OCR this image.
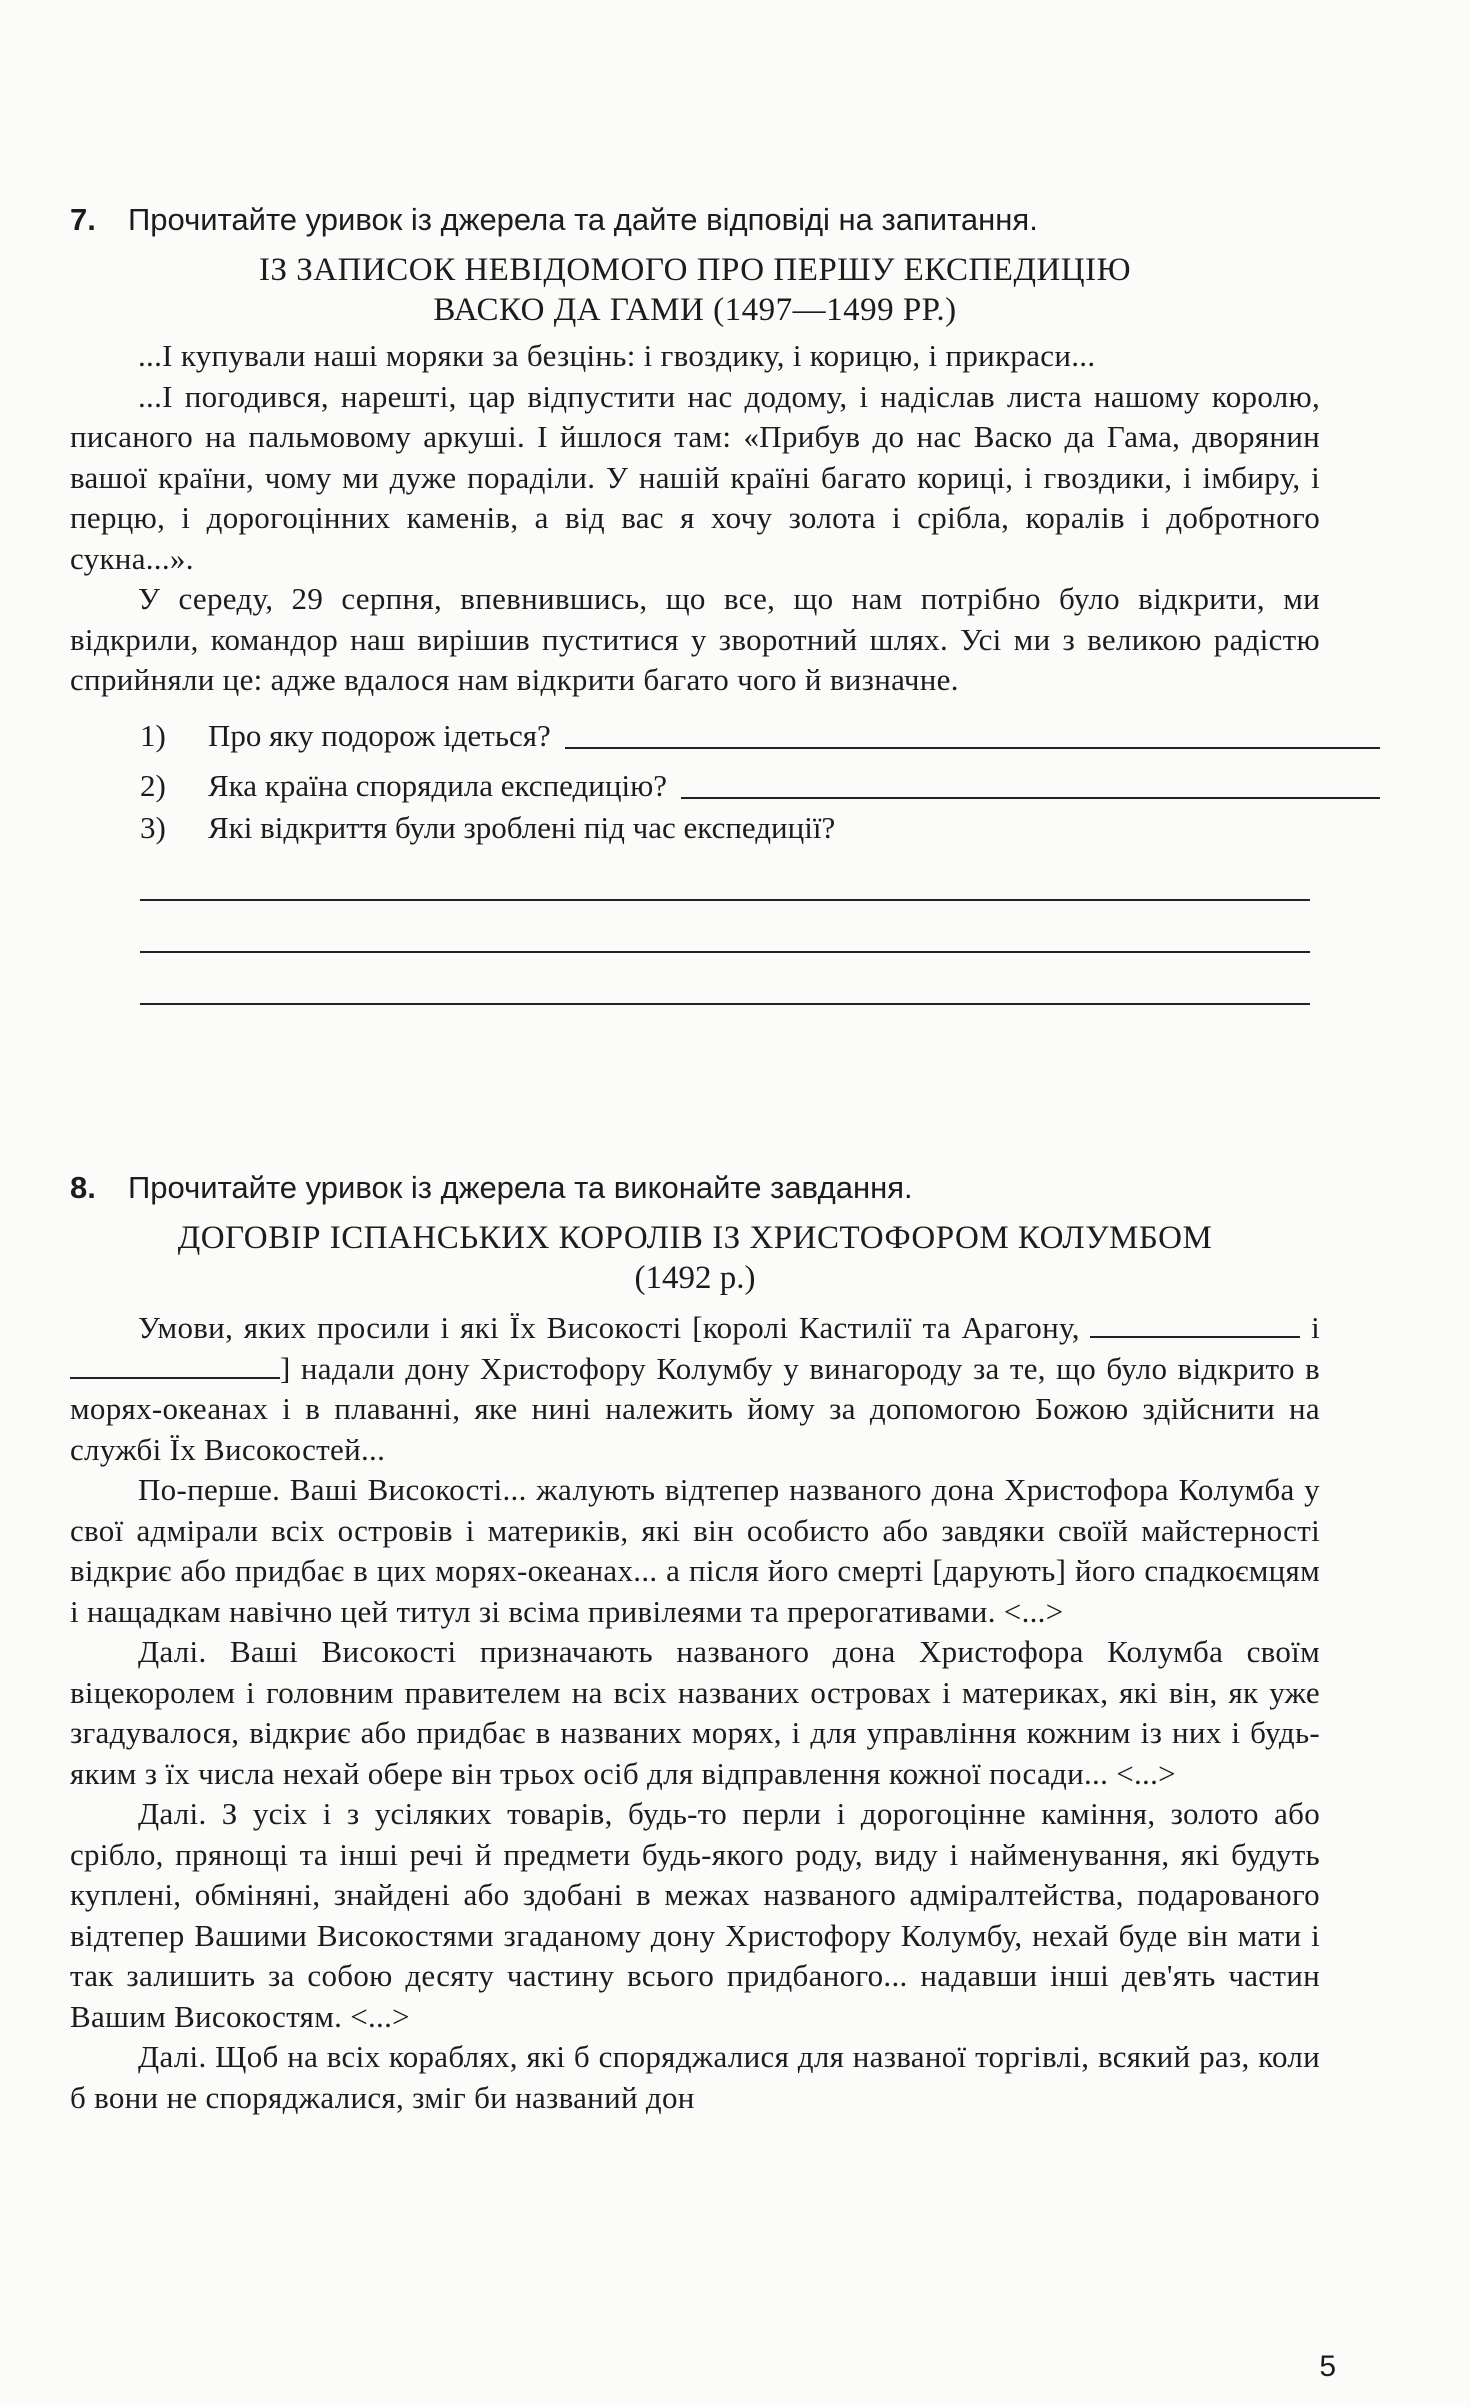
7. Прочитайте уривок із джерела та дайте відповіді на запитання.
ІЗ ЗАПИСОК НЕВІДОМОГО ПРО ПЕРШУ ЕКСПЕДИЦІЮ
ВАСКО ДА ГАМИ (1497—1499 РР.)

...І купували наші моряки за безцінь: і гвоздику, і корицю, і прикраси...

...І погодився, нарешті, цар відпустити нас додому, і надіслав листа нашому королю, писаного на пальмовому аркуші. І йшлося там: «Прибув до нас Васко да Гама, дворянин вашої країни, чому ми дуже пораділи. У нашій країні багато кориці, і гвоздики, і імбиру, і перцю, і дорогоцінних каменів, а від вас я хочу золота і срібла, коралів і добротного сукна...».

У середу, 29 серпня, впевнившись, що все, що нам потрібно було відкрити, ми відкрили, командор наш вирішив пуститися у зворотний шлях. Усі ми з великою радістю сприйняли це: адже вдалося нам відкрити багато чого й визначне.

1)	Про яку подорож ідеться?
2)	Яка країна спорядила експедицію?
3)	Які відкриття були зроблені під час експедиції?
8. Прочитайте уривок із джерела та виконайте завдання.
ДОГОВІР ІСПАНСЬКИХ КОРОЛІВ ІЗ ХРИСТОФОРОМ КОЛУМБОМ
(1492 р.)

Умови, яких просили і які Їх Високості [королі Кастилії та Арагону,	і ] надали дону Христофору Колумбу у винагороду за те, що було відкрито в морях-океанах і в плаванні, яке нині належить йому за допомогою Божою здійснити на службі Їх Високостей...

По-перше. Ваші Високості... жалують відтепер названого дона Христофора Колумба у свої адмірали всіх островів і материків, які він особисто або завдяки своїй майстерності відкриє або придбає в цих морях-океанах... а після його смерті [дарують] його спадкоємцям і нащадкам навічно цей титул зі всіма привілеями та прерогативами. <...>

Далі. Ваші Високості призначають названого дона Христофора Колумба своїм віцекоролем і головним правителем на всіх названих островах і материках, які він, як уже згадувалося, відкриє або придбає в названих морях, і для управління кожним із них і будь-яким з їх числа нехай обере він трьох осіб для відправлення кожної посади... <...>

Далі. З усіх і з усіляких товарів, будь-то перли і дорогоцінне каміння, золото або срібло, прянощі та інші речі й предмети будь-якого роду, виду і найменування, які будуть куплені, обміняні, знайдені або здобані в межах названого адміралтейства, подарованого відтепер Вашими Високостями згаданому дону Христофору Колумбу, нехай буде він мати і так залишить за собою десяту частину всього придбаного... надавши інші дев'ять частин Вашим Високостям. <...>

Далі. Щоб на всіх кораблях, які б споряджалися для названої торгівлі, всякий раз, коли б вони не споряджалися, зміг би названий дон

5
